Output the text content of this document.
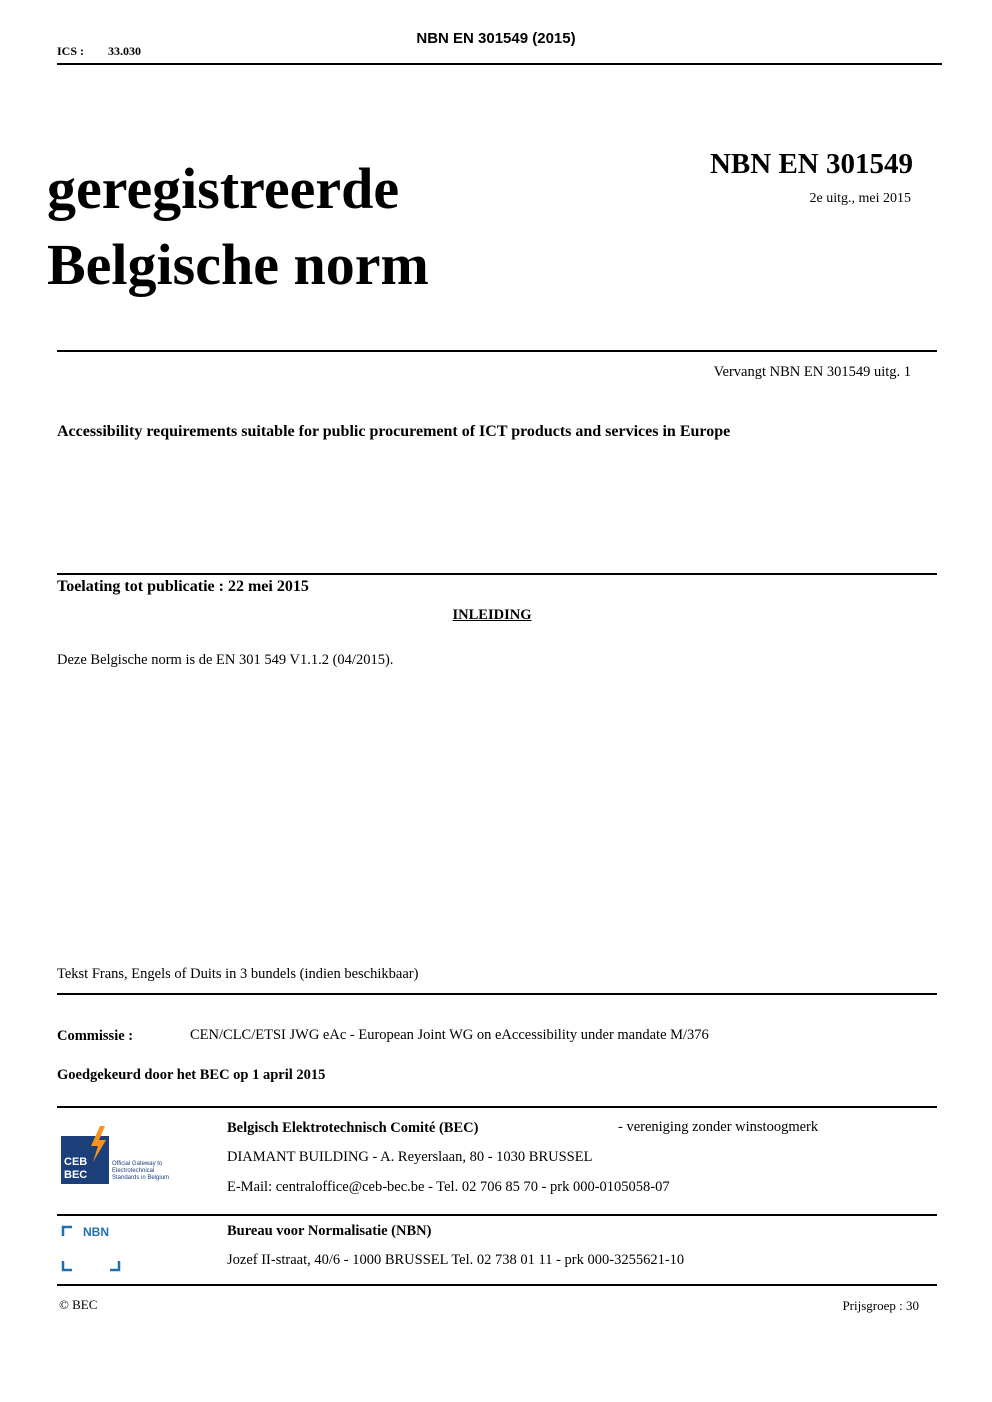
ICS : 33.030
NBN EN 301549 (2015)
geregistreerde
Belgische norm
NBN EN 301549
2e uitg., mei 2015
Vervangt NBN EN 301549 uitg. 1
Accessibility requirements suitable for public procurement of ICT products and services in Europe
Toelating tot publicatie : 22 mei 2015
INLEIDING
Deze Belgische norm is de EN 301 549 V1.1.2 (04/2015).
Tekst Frans, Engels of Duits in 3 bundels (indien beschikbaar)
Commissie :	CEN/CLC/ETSI JWG eAc - European Joint WG on eAccessibility under mandate M/376
Goedgekeurd door het BEC op 1 april 2015
CEB
BEC
Official Gateway to
Electrotechnical
Standards in Belgium
Belgisch Elektrotechnisch Comité (BEC)	- vereniging zonder winstoogmerk
DIAMANT BUILDING - A. Reyerslaan, 80 - 1030 BRUSSEL
E-Mail: centraloffice@ceb-bec.be - Tel. 02 706 85 70 - prk 000-0105058-07
NBN	Bureau voor Normalisatie (NBN)
Jozef II-straat, 40/6 - 1000 BRUSSEL Tel. 02 738 01 11 - prk 000-3255621-10
© BEC	Prijsgroep : 30
